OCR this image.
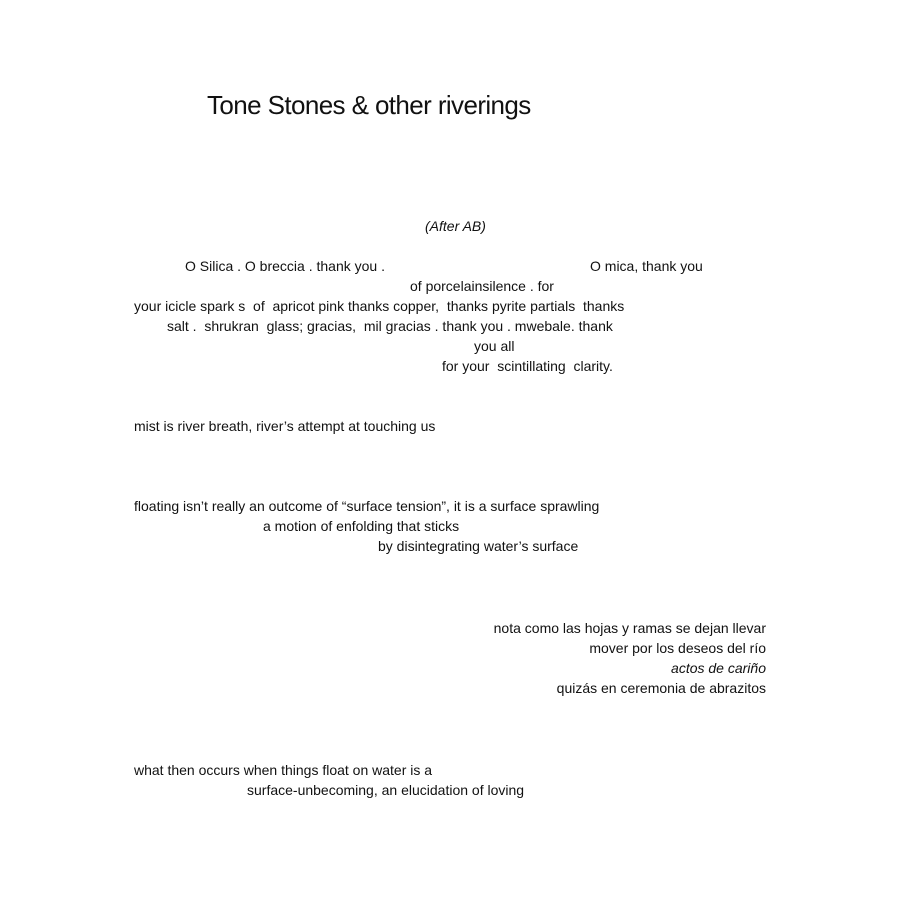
Tone Stones & other riverings

(After AB)

O Silica . O breccia . thank you .	O mica, thank you

of porcelainsilence . for

your icicle spark s  of  apricot pink thanks copper,  thanks pyrite partials  thanks

salt .  shrukran  glass; gracias,  mil gracias . thank you . mwebale. thank

you all

for your  scintillating  clarity.

mist is river breath, river’s attempt at touching us

floating isn’t really an outcome of “surface tension”, it is a surface sprawling

a motion of enfolding that sticks

by disintegrating water’s surface

nota como las hojas y ramas se dejan llevar

mover por los deseos del río

actos de cariño

quizás en ceremonia de abrazitos

what then occurs when things float on water is a

surface-unbecoming, an elucidation of loving
